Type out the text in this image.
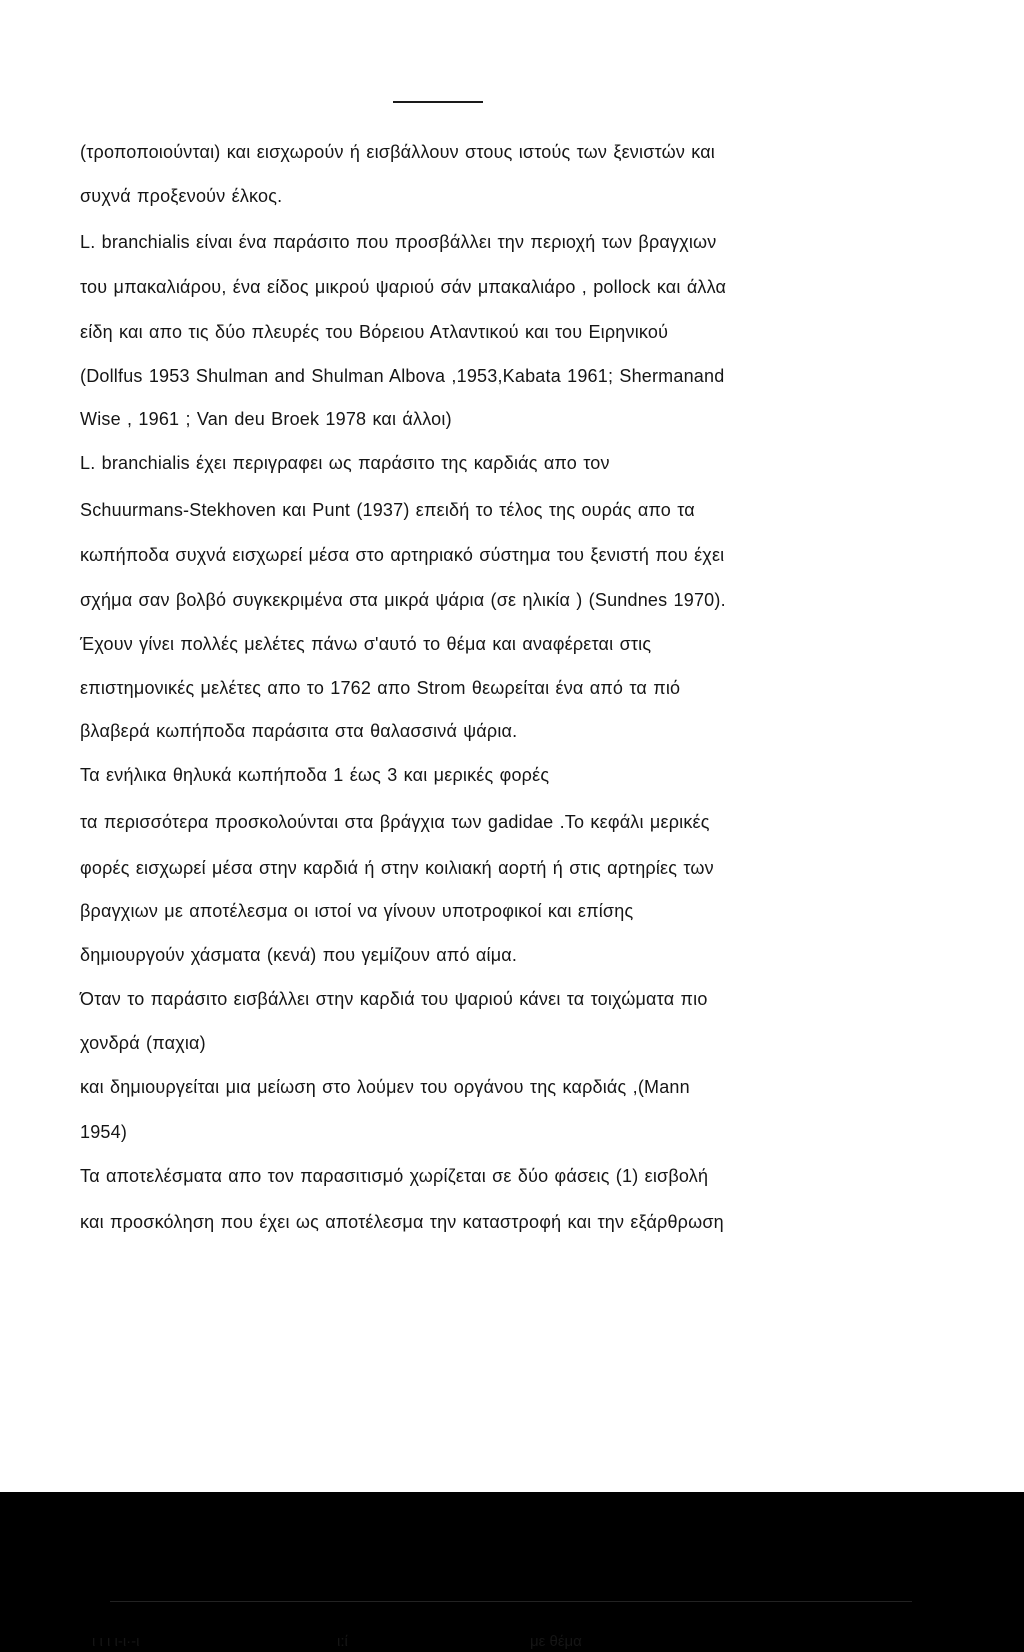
(τροποποιούνται) και εισχωρούν ή εισβάλλουν στους ιστούς των ξενιστών και
συχνά προξενούν έλκος.
L. branchialis είναι ένα παράσιτο που προσβάλλει την περιοχή των βραγχιων
του μπακαλιάρου, ένα είδος μικρού ψαριού σάν μπακαλιάρο , pollock και άλλα
είδη και απο τις δύο πλευρές του Βόρειου Ατλαντικού και του Ειρηνικού
(Dollfus 1953 Shulman and Shulman Albova ,1953,Kabata 1961; Shermanand
Wise , 1961 ; Van deu Broek 1978 και άλλοι)
L. branchialis έχει περιγραφει ως παράσιτο της καρδιάς απο τον
Schuurmans-Stekhoven και Punt (1937) επειδή το τέλος της ουράς απο τα
κωπήποδα συχνά εισχωρεί μέσα στο αρτηριακό σύστημα του ξενιστή που έχει
σχήμα σαν βολβό συγκεκριμένα στα μικρά ψάρια (σε ηλικία ) (Sundnes 1970).
Έχουν γίνει πολλές μελέτες πάνω σ'αυτό το θέμα και αναφέρεται στις
επιστημονικές μελέτες απο το 1762 απο Strom θεωρείται ένα από τα πιό
βλαβερά κωπήποδα παράσιτα στα θαλασσινά ψάρια.
Τα ενήλικα θηλυκά κωπήποδα 1 έως 3 και μερικές φορές
τα περισσότερα προσκολούνται στα βράγχια των gadidae .Το κεφάλι μερικές
φορές εισχωρεί μέσα στην καρδιά ή στην κοιλιακή αορτή ή στις αρτηρίες των
βραγχιων με αποτέλεσμα οι ιστοί να γίνουν υποτροφικοί και επίσης
δημιουργούν χάσματα (κενά) που γεμίζουν από αίμα.
Όταν το παράσιτο εισβάλλει στην καρδιά του ψαριού κάνει τα τοιχώματα πιο
χονδρά (παχια)
και δημιουργείται μια μείωση στο λούμεν του οργάνου της καρδιάς ,(Mann
1954)
Τα αποτελέσματα απο τον παρασιτισμό χωρίζεται σε δύο φάσεις (1) εισβολή
και προσκόληση που έχει ως αποτέλεσμα την καταστροφή και την εξάρθρωση
ι ι ι ι-ι·-ι	ι:ί	με θέμα
